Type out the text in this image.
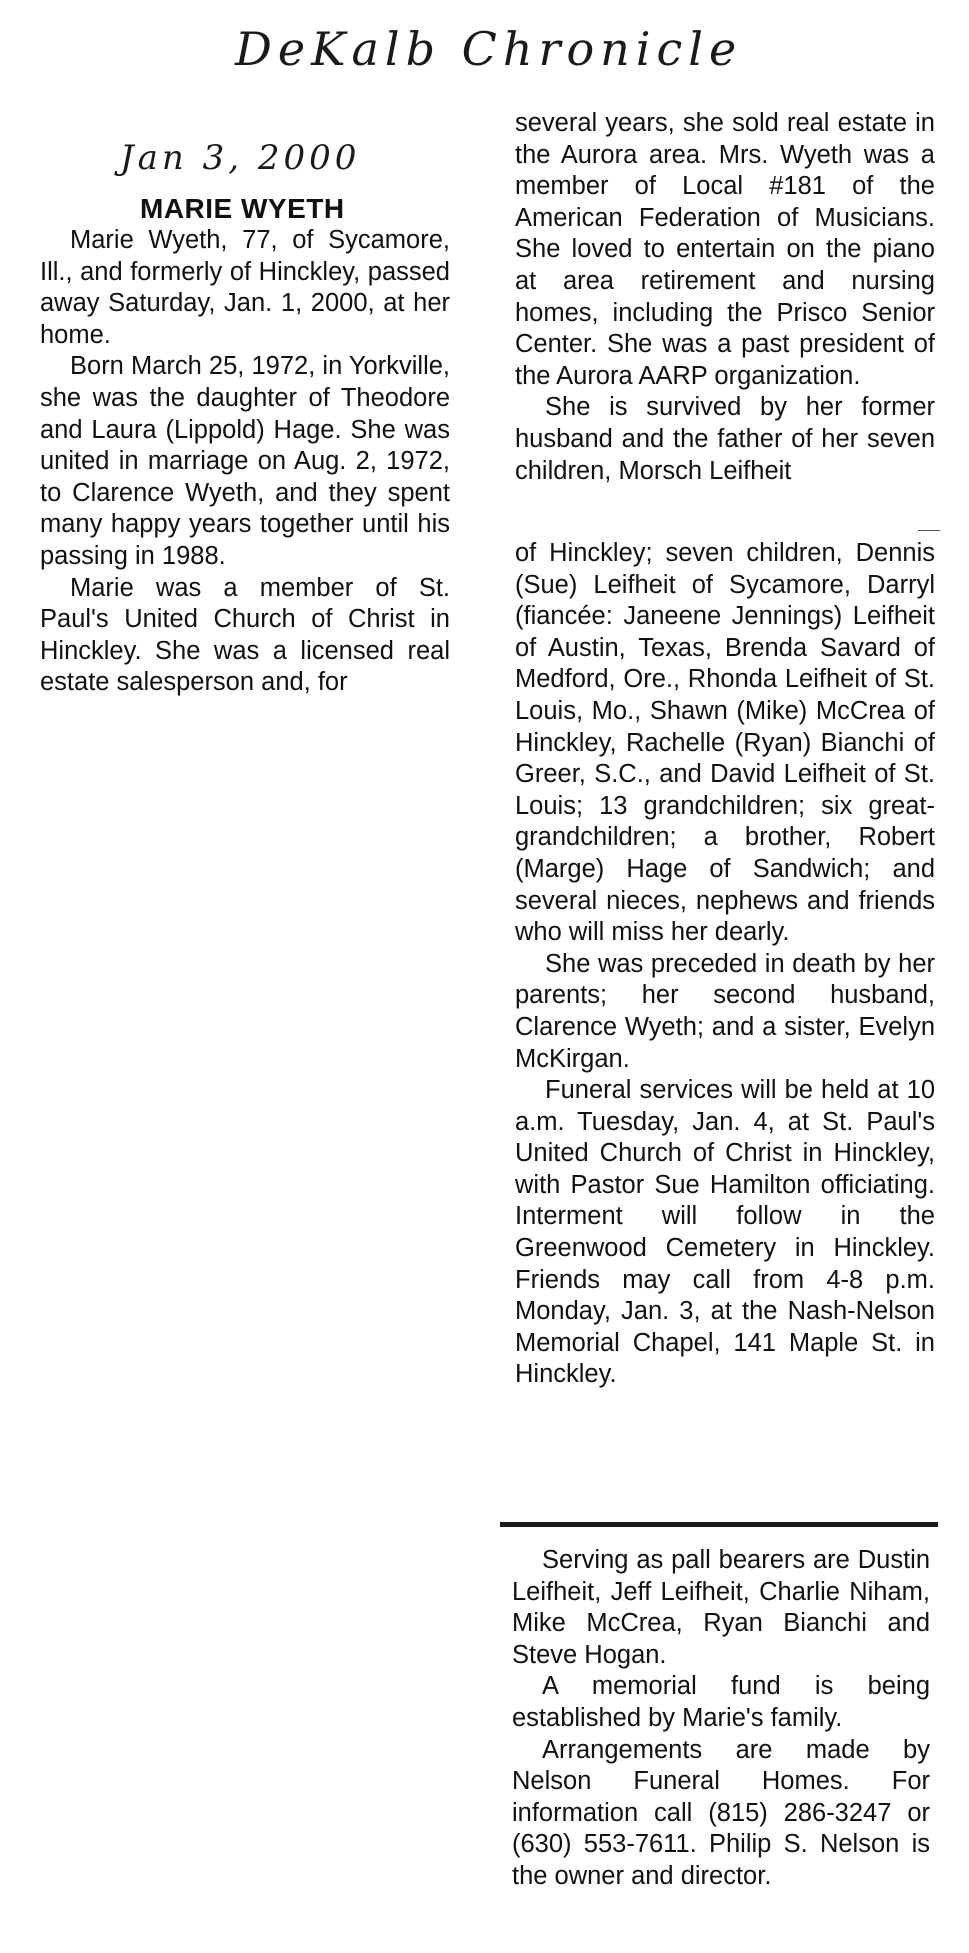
DeKalb Chronicle
Jan 3, 2000
MARIE WYETH

Marie Wyeth, 77, of Sycamore, Ill., and formerly of Hinckley, passed away Saturday, Jan. 1, 2000, at her home.

Born March 25, 1972, in Yorkville, she was the daughter of Theodore and Laura (Lippold) Hage. She was united in marriage on Aug. 2, 1972, to Clarence Wyeth, and they spent many happy years together until his passing in 1988.

Marie was a member of St. Paul's United Church of Christ in Hinckley. She was a licensed real estate salesperson and, for

several years, she sold real estate in the Aurora area. Mrs. Wyeth was a member of Local #181 of the American Federation of Musicians. She loved to entertain on the piano at area retirement and nursing homes, including the Prisco Senior Center. She was a past president of the Aurora AARP organization.

She is survived by her former husband and the father of her seven children, Morsch Leifheit

of Hinckley; seven children, Dennis (Sue) Leifheit of Sycamore, Darryl (fiancée: Janeene Jennings) Leifheit of Austin, Texas, Brenda Savard of Medford, Ore., Rhonda Leifheit of St. Louis, Mo., Shawn (Mike) McCrea of Hinckley, Rachelle (Ryan) Bianchi of Greer, S.C., and David Leifheit of St. Louis; 13 grandchildren; six great-grandchildren; a brother, Robert (Marge) Hage of Sandwich; and several nieces, nephews and friends who will miss her dearly.

She was preceded in death by her parents; her second husband, Clarence Wyeth; and a sister, Evelyn McKirgan.

Funeral services will be held at 10 a.m. Tuesday, Jan. 4, at St. Paul's United Church of Christ in Hinckley, with Pastor Sue Hamilton officiating. Interment will follow in the Greenwood Cemetery in Hinckley. Friends may call from 4-8 p.m. Monday, Jan. 3, at the Nash-Nelson Memorial Chapel, 141 Maple St. in Hinckley.

Serving as pall bearers are Dustin Leifheit, Jeff Leifheit, Charlie Niham, Mike McCrea, Ryan Bianchi and Steve Hogan.

A memorial fund is being established by Marie's family.

Arrangements are made by Nelson Funeral Homes. For information call (815) 286-3247 or (630) 553-7611. Philip S. Nelson is the owner and director.
